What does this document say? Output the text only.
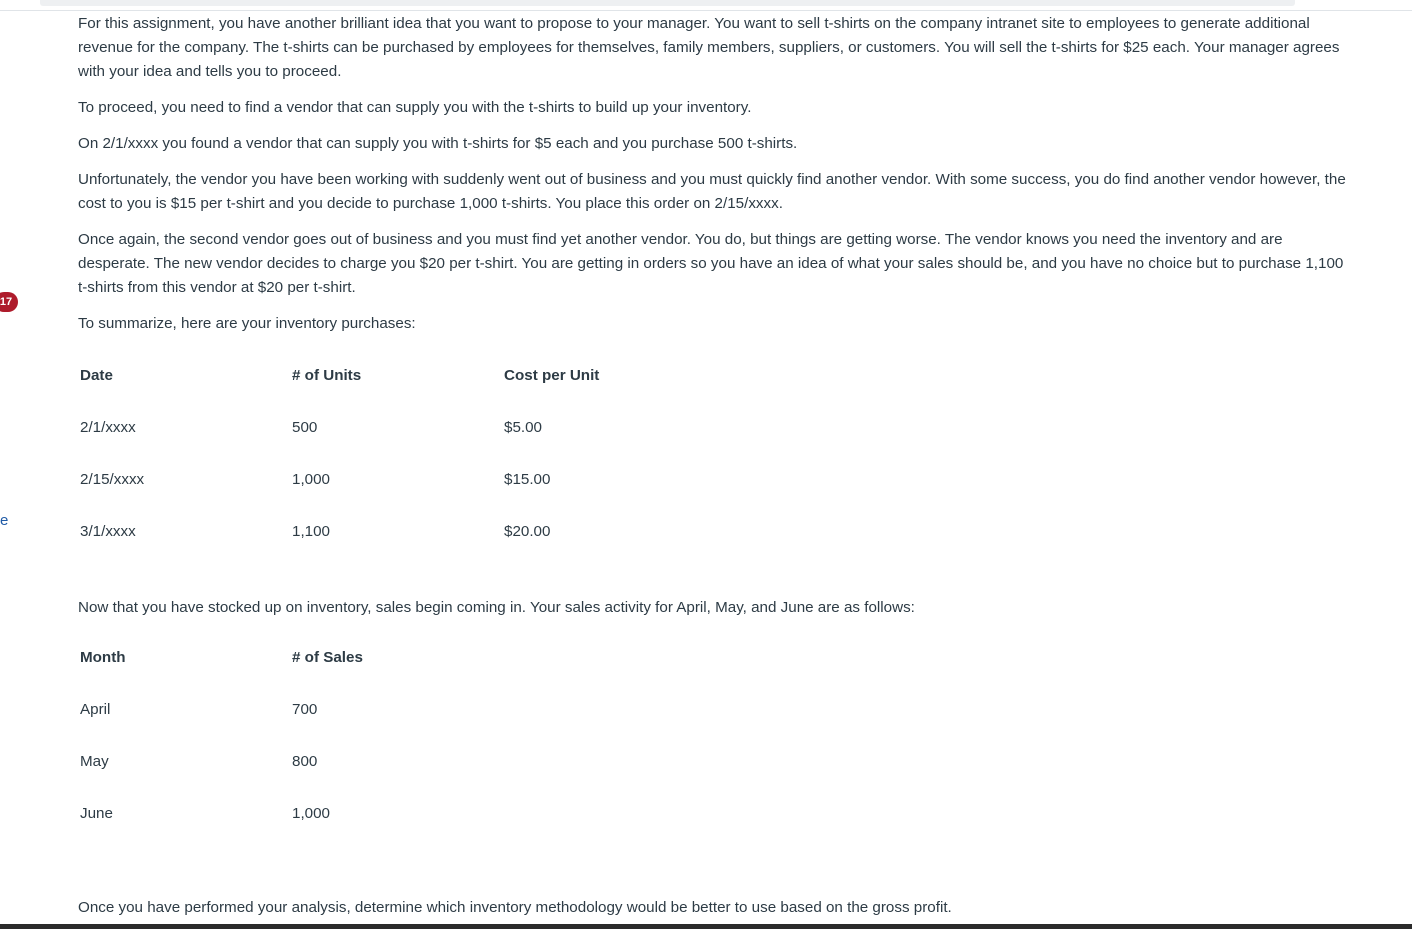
17
e

For this assignment, you have another brilliant idea that you want to propose to your manager. You want to sell t-shirts on the company intranet site to employees to generate additional revenue for the company. The t-shirts can be purchased by employees for themselves, family members, suppliers, or customers. You will sell the t-shirts for $25 each. Your manager agrees with your idea and tells you to proceed.

To proceed, you need to find a vendor that can supply you with the t-shirts to build up your inventory.

On 2/1/xxxx you found a vendor that can supply you with t-shirts for $5 each and you purchase 500 t-shirts.

Unfortunately, the vendor you have been working with suddenly went out of business and you must quickly find another vendor. With some success, you do find another vendor however, the cost to you is $15 per t-shirt and you decide to purchase 1,000 t-shirts. You place this order on 2/15/xxxx.

Once again, the second vendor goes out of business and you must find yet another vendor. You do, but things are getting worse. The vendor knows you need the inventory and are desperate. The new vendor decides to charge you $20 per t-shirt. You are getting in orders so you have an idea of what your sales should be, and you have no choice but to purchase 1,100 t-shirts from this vendor at $20 per t-shirt.

To summarize, here are your inventory purchases:

Date	# of Units	Cost per Unit
2/1/xxxx	500	$5.00
2/15/xxxx	1,000	$15.00
3/1/xxxx	1,100	$20.00

Now that you have stocked up on inventory, sales begin coming in. Your sales activity for April, May, and June are as follows:

Month	# of Sales
April	700
May	800
June	1,000

Once you have performed your analysis, determine which inventory methodology would be better to use based on the gross profit.
